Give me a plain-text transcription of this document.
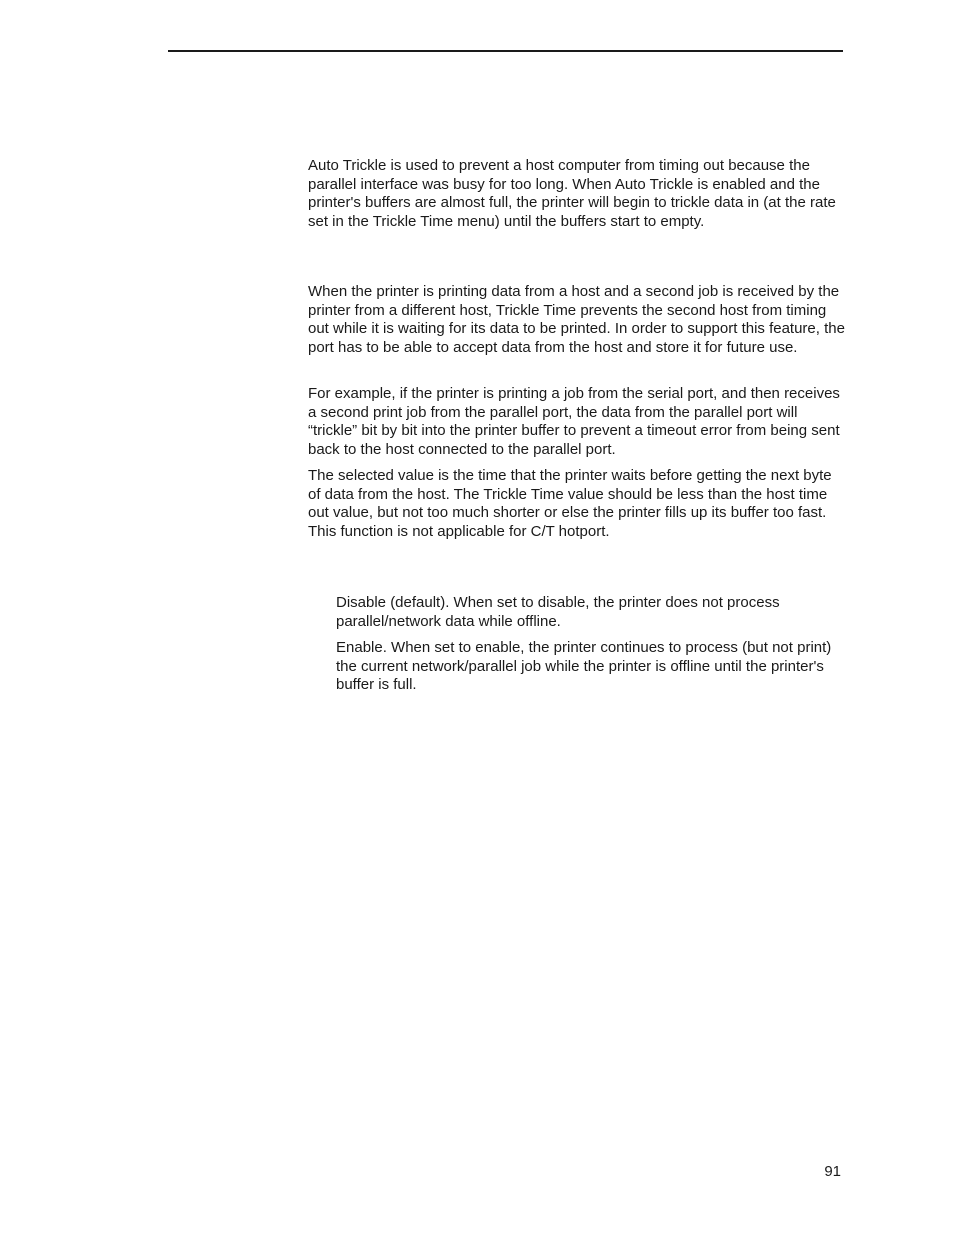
Auto Trickle is used to prevent a host computer from timing out because the parallel interface was busy for too long. When Auto Trickle is enabled and the printer's buffers are almost full, the printer will begin to trickle data in (at the rate set in the Trickle Time menu) until the buffers start to empty.

When the printer is printing data from a host and a second job is received by the printer from a different host, Trickle Time prevents the second host from timing out while it is waiting for its data to be printed. In order to support this feature, the port has to be able to accept data from the host and store it for future use.

For example, if the printer is printing a job from the serial port, and then receives a second print job from the parallel port, the data from the parallel port will “trickle” bit by bit into the printer buffer to prevent a timeout error from being sent back to the host connected to the parallel port.

The selected value is the time that the printer waits before getting the next byte of data from the host. The Trickle Time value should be less than the host time out value, but not too much shorter or else the printer fills up its buffer too fast. This function is not applicable for C/T hotport.

Disable (default). When set to disable, the printer does not process parallel/network data while offline.

Enable. When set to enable, the printer continues to process (but not print) the current network/parallel job while the printer is offline until the printer's buffer is full.

91
